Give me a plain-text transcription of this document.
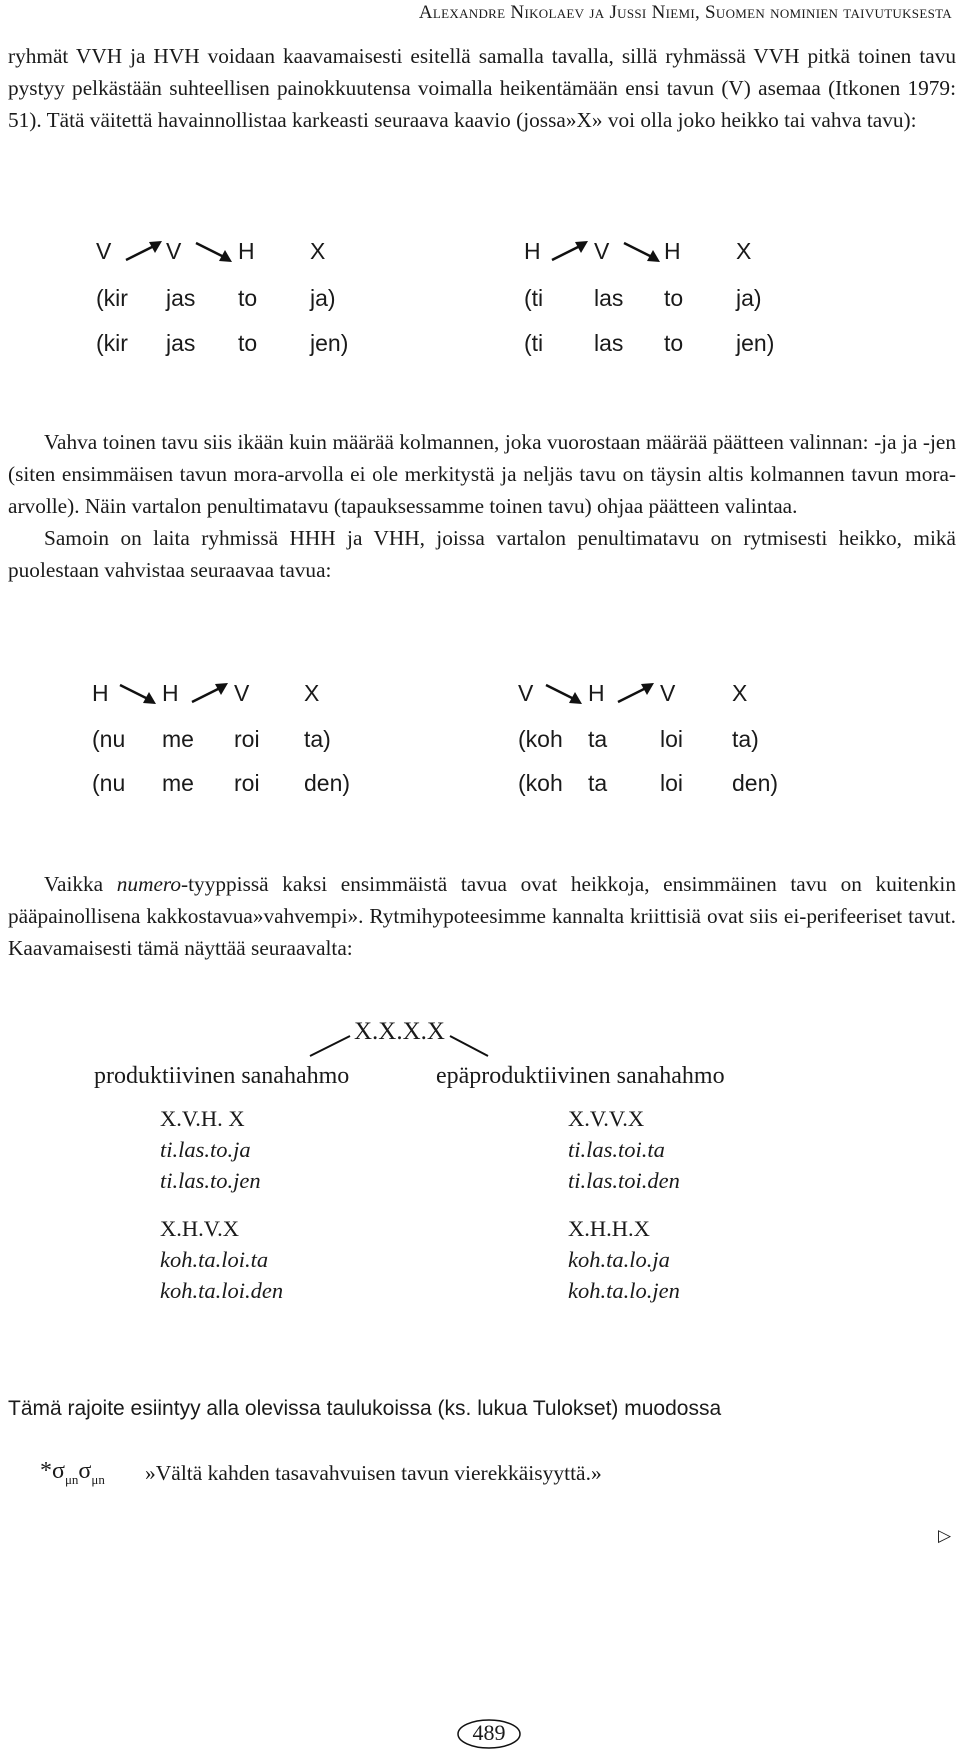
Alexandre Nikolaev ja Jussi Niemi, Suomen nominien taivutuksesta

ryhmät VVH ja HVH voidaan kaavamaisesti esitellä samalla tavalla, sillä ryhmässä VVH pitkä toinen tavu pystyy pelkästään suhteellisen painokkuutensa voimalla heikentämään ensi tavun (V) asemaa (Itkonen 1979: 51). Tätä väitettä havainnollistaa karkeasti seuraava kaavio (jossa»X» voi olla joko heikko tai vahva tavu):

V V H X
(kir jas to ja)
(kir jas to jen)
H V H X
(ti las to ja)
(ti las to jen)

Vahva toinen tavu siis ikään kuin määrää kolmannen, joka vuorostaan määrää päätteen valinnan: -ja ja -jen (siten ensimmäisen tavun mora-arvolla ei ole merkitystä ja neljäs tavu on täysin altis kolmannen tavun mora-arvolle). Näin vartalon penultimatavu (tapauksessamme toinen tavu) ohjaa päätteen valintaa.

Samoin on laita ryhmissä HHH ja VHH, joissa vartalon penultimatavu on rytmisesti heikko, mikä puolestaan vahvistaa seuraavaa tavua:

H H V X
(nu me roi ta)
(nu me roi den)
V H V X
(koh ta loi ta)
(koh ta loi den)

Vaikka numero-tyyppissä kaksi ensimmäistä tavua ovat heikkoja, ensimmäinen tavu on kuitenkin pääpainollisena kakkostavua»vahvempi». Rytmihypoteesimme kannalta kriittisiä ovat siis ei-perifeeriset tavut. Kaavamaisesti tämä näyttää seuraavalta:

X.X.X.X
produktiivinen sanahahmo	epäproduktiivinen sanahahmo
X.V.H. X
ti.las.to.ja
ti.las.to.jen
X.H.V.X
koh.ta.loi.ta
koh.ta.loi.den
X.V.V.X
ti.las.toi.ta
ti.las.toi.den
X.H.H.X
koh.ta.lo.ja
koh.ta.lo.jen
Tämä rajoite esiintyy alla olevissa taulukoissa (ks. lukua Tulokset) muodossa
$*\sigma_{\mu n}\sigma_{\mu n}$ »Vältä kahden tasavahvuisen tavun vierekkäisyyttä.»
▷
489
